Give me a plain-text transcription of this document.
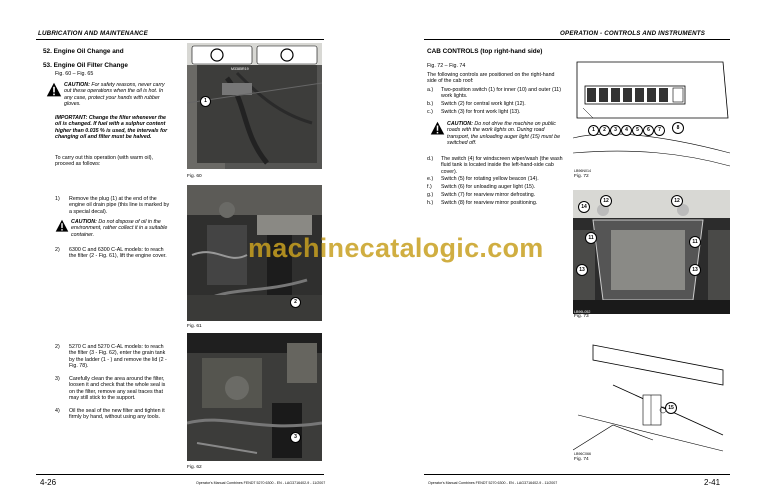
LUBRICATION AND MAINTENANCE
52. Engine Oil Change and
53. Engine Oil Filter Change
Fig. 60 – Fig. 65
CAUTION: For safety reasons, never carry out these operations when the oil is hot. In any case, protect your hands with rubber gloves.
IMPORTANT: Change the filter whenever the oil is changed. If fuel with a sulphur content higher than 0.035 % is used, the intervals for changing oil and filter must be halved.
To carry out this operation (with warm oil), proceed as follows:
1)	Remove the plug (1) at the end of the engine oil drain pipe (this line is marked by a special decal).
CAUTION: Do not dispose of oil in the environment, rather collect it in a suitable container.
2)	6300 C and 6300 C-AL models: to reach the filter (2 - Fig. 61), lift the engine cover.
2)	5270 C and 5270 C-AL models: to reach the filter (3 - Fig. 62), enter the grain tank by the ladder (1 - ) and remove the lid (2 - Fig. 78).
3)	Carefully clean the area around the filter, loosen it and check that the whole seal is on the filter, remove any seal traces that may still stick to the support.
4)	Oil the seal of the new filter and tighten it firmly by hand, without using any tools.
M3385R19
1
Fig. 60
2
Fig. 61
3
Fig. 62
4-26	Operator's Manual Combines FENDT 5270 6300 - EN - LAG3716402-9 - 11/2007
OPERATION - CONTROLS AND INSTRUMENTS
CAB CONTROLS (top right-hand side)
Fig. 72 – Fig. 74
The following controls are positioned on the right-hand side of the cab roof:
a.)	Two-position switch (1) for inner (10) and outer (11) work lights.
b.)	Switch (2) for central work light (12).
c.)	Switch (3) for front work light (13).
CAUTION: Do not drive the machine on public roads with the work lights on. During road transport, the unloading auger light (15) must be switched off.
d.)	The switch (4) for windscreen wiper/wash (the wash fluid tank is located inside the left-hand-side cab cover).
e.)	Switch (5) for rotating yellow beacon (14).
f.)	Switch (6) for unloading auger light (15).
g.)	Switch (7) for rearview mirror defrosting.
h.)	Switch (8) for rearview mirror positioning.
1	2	3	4	5	6	7	8
LB96N014
Fig. 72
14
12	12
11
11
13	13
LB96L052
Fig. 73
15
LB96C066
Fig. 74
Operator's Manual Combines FENDT 5270 6300 - EN - LAG3716402-9 - 11/2007	2-41
machinecatalogic.com
